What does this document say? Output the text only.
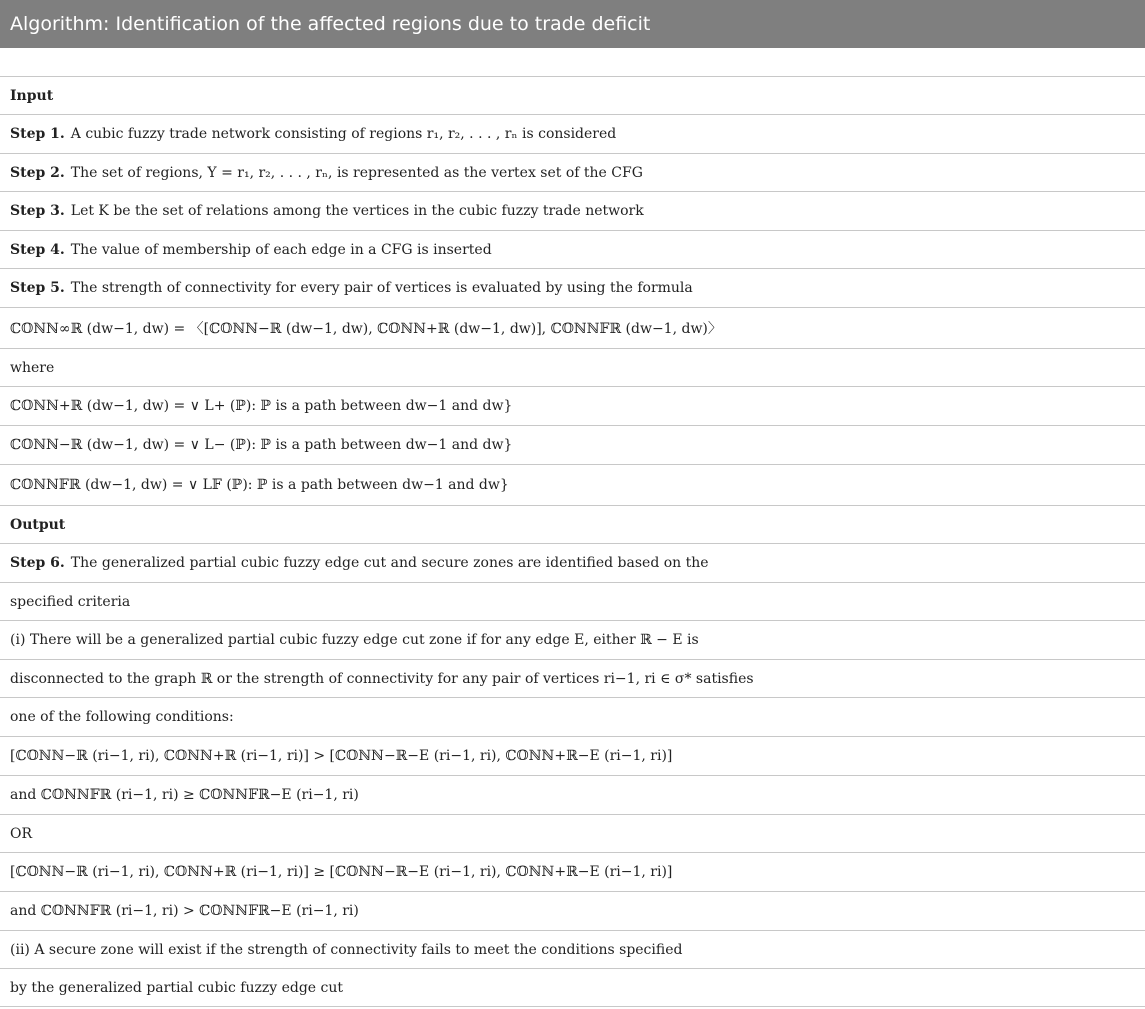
Algorithm: Identification of the affected regions due to trade deficit
Input
Step 1. A cubic fuzzy trade network consisting of regions r₁, r₂, . . . , rₙ is considered
Step 2. The set of regions, Y = r₁, r₂, . . . , rₙ, is represented as the vertex set of the CFG
Step 3. Let K be the set of relations among the vertices in the cubic fuzzy trade network
Step 4. The value of membership of each edge in a CFG is inserted
Step 5. The strength of connectivity for every pair of vertices is evaluated by using the formula
ℂ𝕆ℕℕ∞ℝ (dw−1, dw) = 〈[ℂ𝕆ℕℕ−ℝ (dw−1, dw), ℂ𝕆ℕℕ+ℝ (dw−1, dw)], ℂ𝕆ℕℕ𝔽ℝ (dw−1, dw)〉
where
ℂ𝕆ℕℕ+ℝ (dw−1, dw) = ∨ L+ (ℙ): ℙ is a path between dw−1 and dw}
ℂ𝕆ℕℕ−ℝ (dw−1, dw) = ∨ L− (ℙ): ℙ is a path between dw−1 and dw}
ℂ𝕆ℕℕ𝔽ℝ (dw−1, dw) = ∨ L𝔽 (ℙ): ℙ is a path between dw−1 and dw}
Output
Step 6. The generalized partial cubic fuzzy edge cut and secure zones are identified based on the
specified criteria
(i) There will be a generalized partial cubic fuzzy edge cut zone if for any edge E, either ℝ − E is
disconnected to the graph ℝ or the strength of connectivity for any pair of vertices ri−1, ri ∈ σ* satisfies
one of the following conditions:
[ℂ𝕆ℕℕ−ℝ (ri−1, ri), ℂ𝕆ℕℕ+ℝ (ri−1, ri)] > [ℂ𝕆ℕℕ−ℝ−E (ri−1, ri), ℂ𝕆ℕℕ+ℝ−E (ri−1, ri)]
and ℂ𝕆ℕℕ𝔽ℝ (ri−1, ri) ≥ ℂ𝕆ℕℕ𝔽ℝ−E (ri−1, ri)
OR
[ℂ𝕆ℕℕ−ℝ (ri−1, ri), ℂ𝕆ℕℕ+ℝ (ri−1, ri)] ≥ [ℂ𝕆ℕℕ−ℝ−E (ri−1, ri), ℂ𝕆ℕℕ+ℝ−E (ri−1, ri)]
and ℂ𝕆ℕℕ𝔽ℝ (ri−1, ri) > ℂ𝕆ℕℕ𝔽ℝ−E (ri−1, ri)
(ii) A secure zone will exist if the strength of connectivity fails to meet the conditions specified
by the generalized partial cubic fuzzy edge cut
